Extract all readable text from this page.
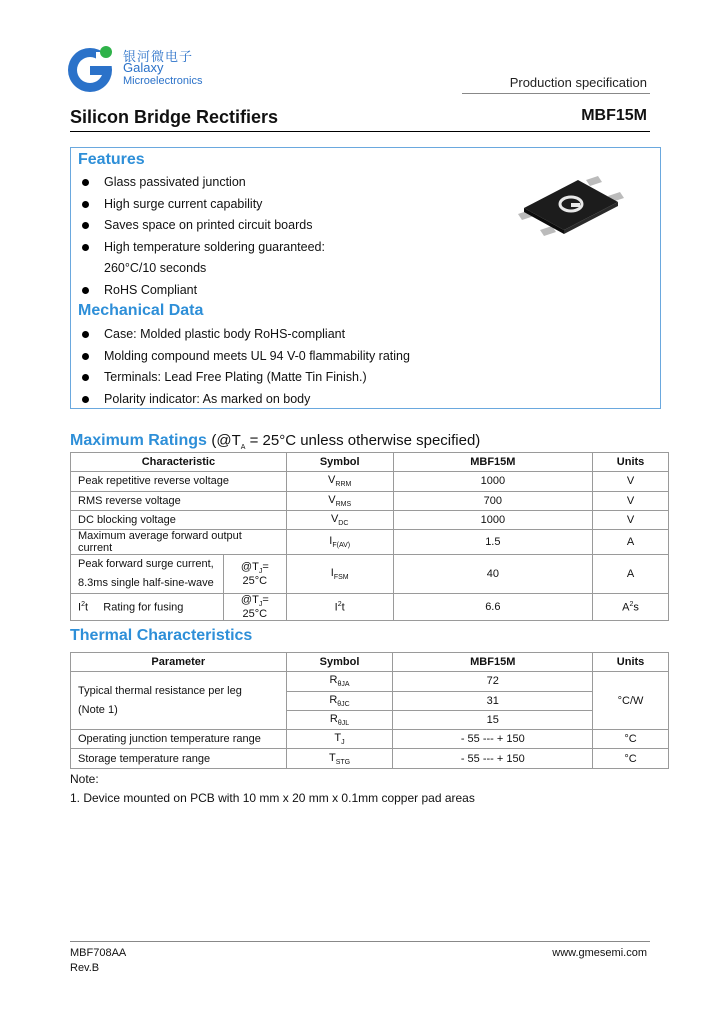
银河微电子
Galaxy
Microelectronics	Production specification
Silicon Bridge Rectifiers	MBF15M
Features
Glass passivated junction
High surge current capability
Saves space on printed circuit boards
High temperature soldering guaranteed:
260°C/10 seconds
RoHS Compliant
Mechanical Data
Case: Molded plastic body RoHS-compliant
Molding compound meets UL 94 V-0 flammability rating
Terminals: Lead Free Plating (Matte Tin Finish.)
Polarity indicator: As marked on body
Maximum Ratings ($@T_A = 25^\circ C$ unless otherwise specified)
Characteristic		Symbol	MBF15M	Units
Peak repetitive reverse voltage		$V_{RRM}$	1000	V
RMS reverse voltage		$V_{RMS}$	700	V
DC blocking voltage		$V_{DC}$	1000	V
Maximum average forward output current		$I_{F(AV)}$	1.5	A
Peak forward surge current,
8.3ms single half-sine-wave	$@T_J= 25^\circ C$	$I_{FSM}$	40	A
$I^2t$     Rating for fusing	$@T_J= 25^\circ C$	$I^2t$	6.6	$A^2s$
Thermal Characteristics
Parameter	Symbol	MBF15M	Units
Typical thermal resistance per leg
(Note 1)	$R_{\theta JA}$	72	°C/W
	$R_{\theta JC}$	31	
	$R_{\theta JL}$	15	
Operating junction temperature range	$T_J$	- 55 --- + 150	°C
Storage temperature range	$T_{STG}$	- 55 --- + 150	°C
Note:
1. Device mounted on PCB with 10 mm x 20 mm x 0.1mm copper pad areas
MBF708AA
Rev.B
www.gmesemi.com
